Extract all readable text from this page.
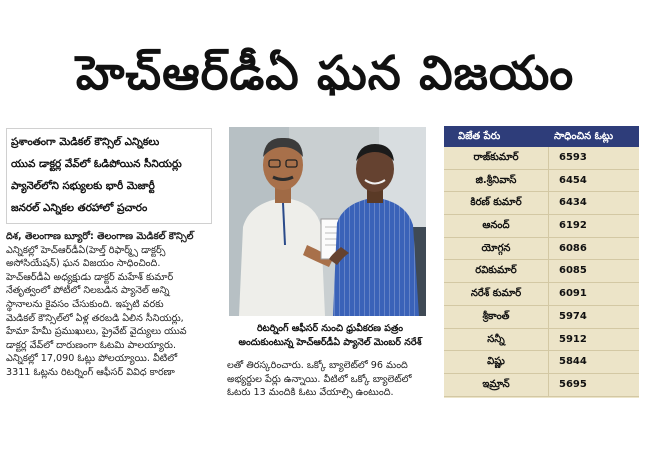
హెచ్ఆర్‌డీఏ ఘన విజయం
ప్రశాంతంగా మెడికల్ కౌన్సిల్ ఎన్నికలు
యువ డాక్టర్ల వేవ్‌లో ఓడిపోయిన సీనియర్లు
ప్యానెల్‌లోని సభ్యులకు భారీ మెజార్టీ
జనరల్ ఎన్నికల తరహాలో ప్రచారం
దిశ, తెలంగాణ బ్యూరో: తెలంగాణ మెడికల్ కౌన్సిల్
ఎన్నికల్లో హెచ్‌ఆర్‌డీఏ(హెల్త్ రిఫార్మ్స్ డాక్టర్స్
అసోసియేషన్) ఘన విజయం సాధించింది.
హెచ్‌ఆర్‌డీఏ అధ్యక్షుడు డాక్టర్ మహేశ్ కుమార్
నేతృత్వంలో పోటీలో నిలబడిన ప్యానెల్ అన్ని
స్థానాలను కైవసం చేసుకుంది. ఇప్పటి వరకు
మెడికల్ కౌన్సిల్‌లో ఏళ్ల తరబడి ఏలిన సీనియర్లు,
హేమా హేమీ ప్రముఖులు, ప్రైవేట్ వైద్యులు యువ
డాక్టర్ల వేవ్‌లో దారుణంగా ఓటమి పాలయ్యారు.
ఎన్నికల్లో 17,090 ఓట్లు పోలయ్యాయి. వీటిలో
3311 ఓట్లను రిటర్నింగ్ ఆఫీసర్ వివిధ కారణా
రిటర్నింగ్ ఆఫీసర్ నుంచి ధ్రువీకరణ పత్రం
అందుకుంటున్న హెచ్ఆర్‌డీఏ ప్యానెల్ మెంబర్ నరేశ్
లతో తిరస్కరించారు. ఒక్కో బ్యాలెట్‌లో 96 మంది
అభ్యర్థుల పేర్లు ఉన్నాయి. వీటిలో ఒక్కో బ్యాలెట్‌లో
ఓటరు 13 మందికి ఓటు వేయాల్సి ఉంటుంది.
విజేత పేరు	సాధించిన ఓట్లు
రాజ్‌కుమార్	6593
జి.శ్రీనివాస్	6454
కిరణ్ కుమార్	6434
ఆనంద్	6192
యోగ్గన	6086
రవికుమార్	6085
నరేశ్ కుమార్	6091
శ్రీకాంత్	5974
సన్నీ	5912
విష్ణు	5844
ఇమ్రాన్	5695
